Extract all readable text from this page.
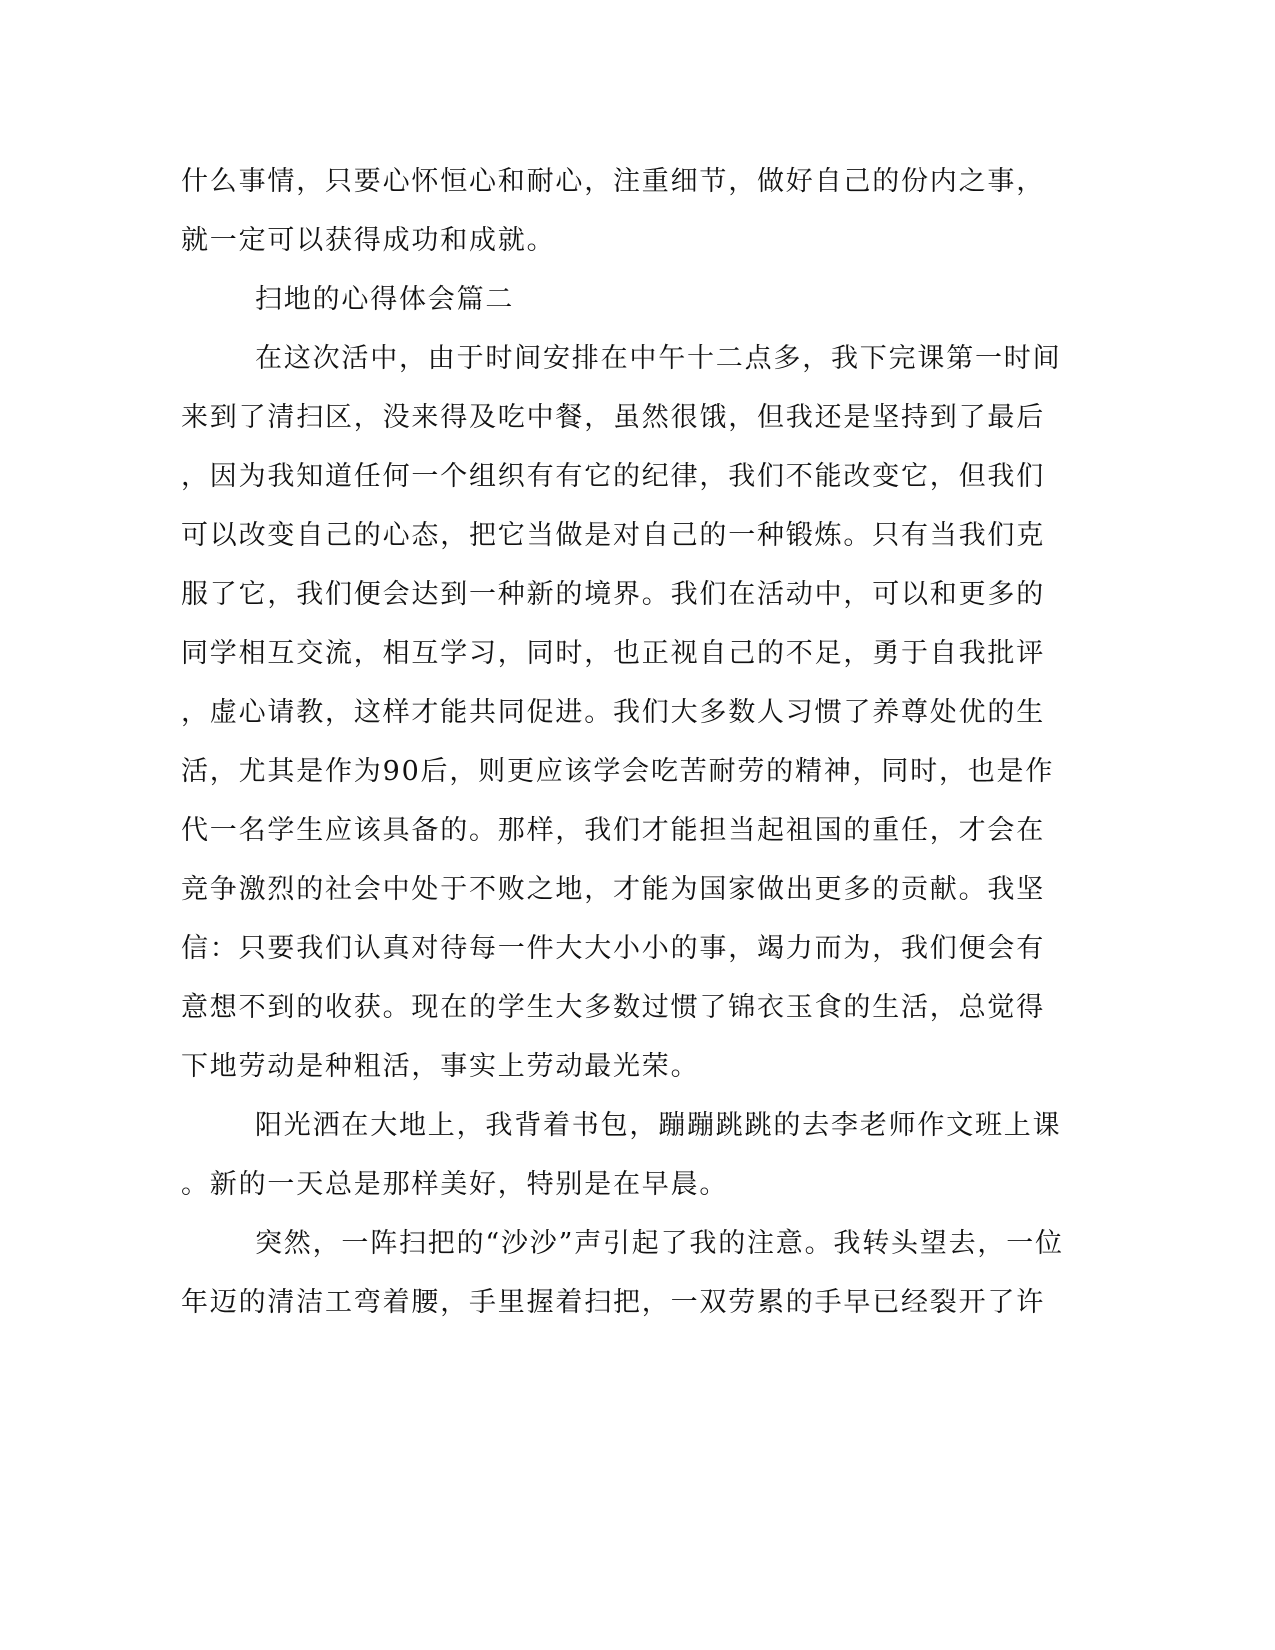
什么事情，只要心怀恒心和耐心，注重细节，做好自己的份内之事，
就一定可以获得成功和成就。
扫地的心得体会篇二
在这次活中，由于时间安排在中午十二点多，我下完课第一时间
来到了清扫区，没来得及吃中餐，虽然很饿，但我还是坚持到了最后
，因为我知道任何一个组织有有它的纪律，我们不能改变它，但我们
可以改变自己的心态，把它当做是对自己的一种锻炼。只有当我们克
服了它，我们便会达到一种新的境界。我们在活动中，可以和更多的
同学相互交流，相互学习，同时，也正视自己的不足，勇于自我批评
，虚心请教，这样才能共同促进。我们大多数人习惯了养尊处优的生
活，尤其是作为90后，则更应该学会吃苦耐劳的精神，同时，也是作
代一名学生应该具备的。那样，我们才能担当起祖国的重任，才会在
竞争激烈的社会中处于不败之地，才能为国家做出更多的贡献。我坚
信：只要我们认真对待每一件大大小小的事，竭力而为，我们便会有
意想不到的收获。现在的学生大多数过惯了锦衣玉食的生活，总觉得
下地劳动是种粗活，事实上劳动最光荣。
阳光洒在大地上，我背着书包，蹦蹦跳跳的去李老师作文班上课
。新的一天总是那样美好，特别是在早晨。
突然，一阵扫把的“沙沙”声引起了我的注意。我转头望去，一位
年迈的清洁工弯着腰，手里握着扫把，一双劳累的手早已经裂开了许
